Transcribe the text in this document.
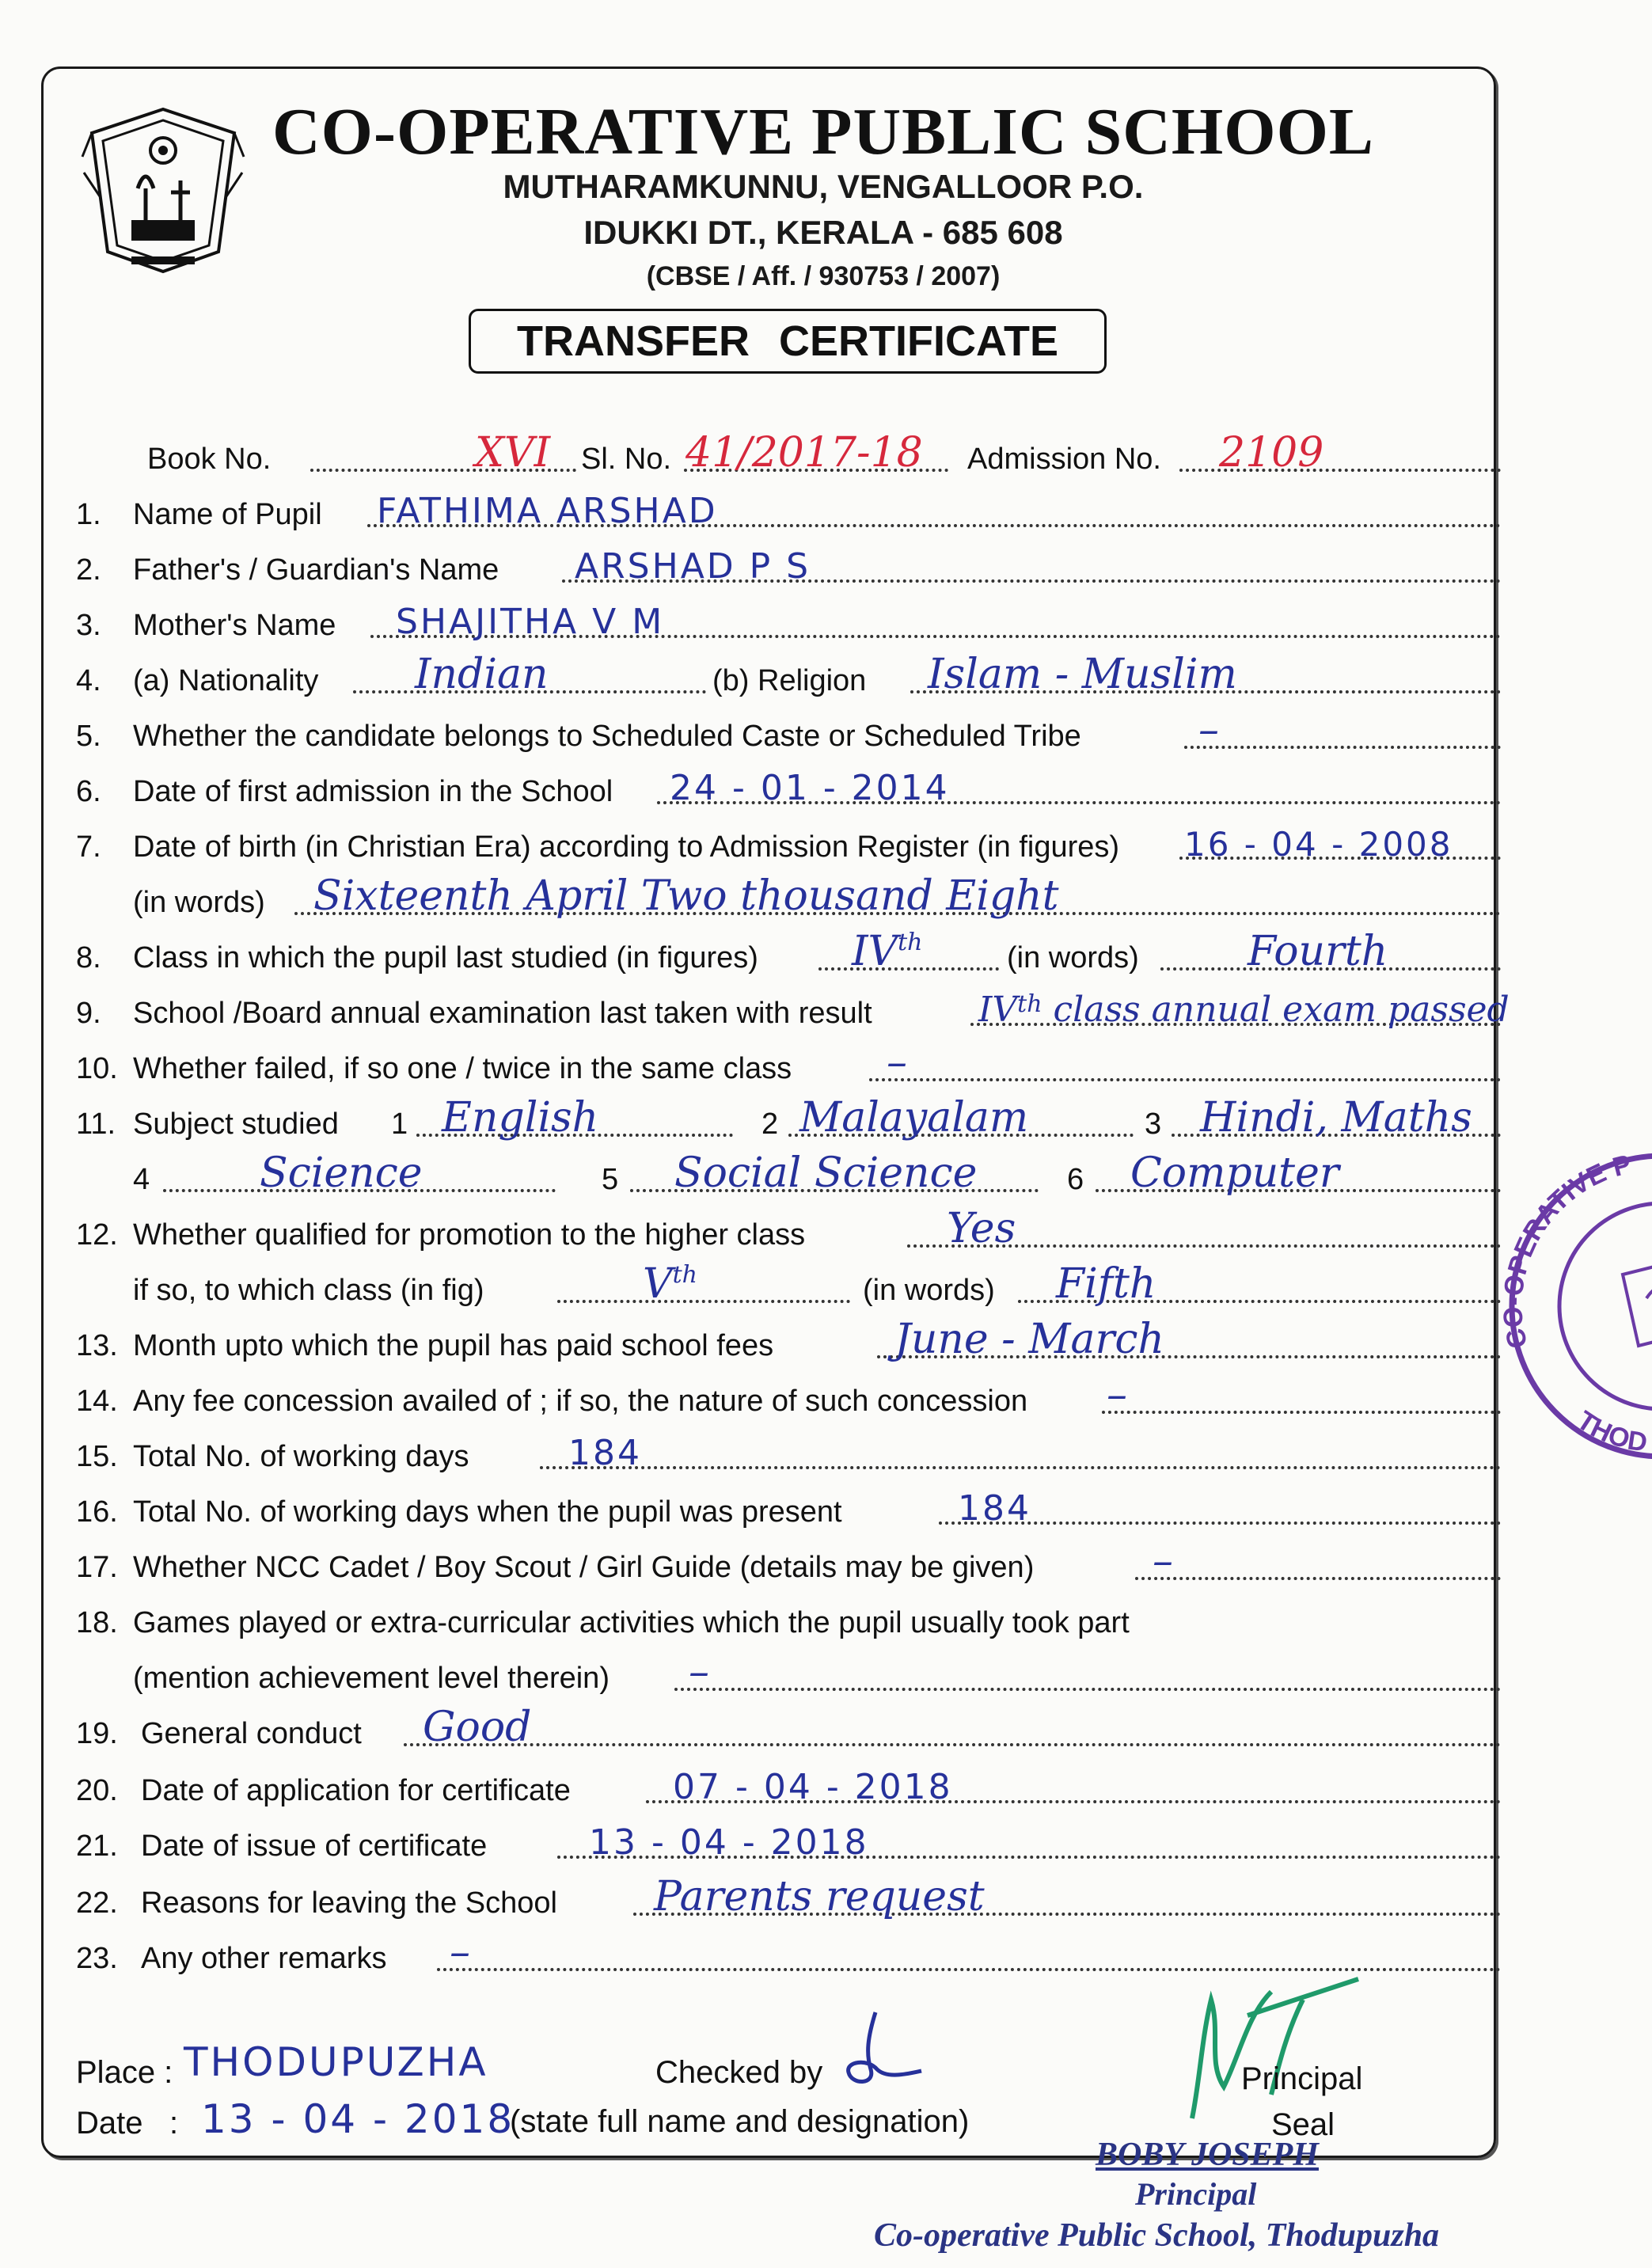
CO-OPERATIVE PUBLIC SCHOOL
MUTHARAMKUNNU, VENGALLOOR P.O.
IDUKKI DT., KERALA - 685 608
(CBSE / Aff. / 930753 / 2007)
TRANSFER CERTIFICATE
Book No.	XVI Sl. No. 41/2017-18 Admission No. 2109
1. Name of Pupil FATHIMA ARSHAD
2. Father's / Guardian's Name ARSHAD P S
3. Mother's Name SHAJITHA V M
4. (a) Nationality Indian	(b) Religion Islam - Muslim
5. Whether the candidate belongs to Scheduled Caste or Scheduled Tribe	–
6. Date of first admission in the School 24 - 01 - 2014
7. Date of birth (in Christian Era) according to Admission Register (in figures) 16 - 04 - 2008
(in words) Sixteenth April Two thousand Eight
8. Class in which the pupil last studied (in figures) IVth	(in words)	Fourth
9. School /Board annual examination last taken with result	IVth class annual exam passed
10. Whether failed, if so one / twice in the same class –
11. Subject studied 1 English	2 Malayalam	3 Hindi, Maths
4	Science	5 Social Science	6 Computer
12. Whether qualified for promotion to the higher class	Yes
if so, to which class (in fig)	Vth	(in words) Fifth
13. Month upto which the pupil has paid school fees	June - March
14. Any fee concession availed of ; if so, the nature of such concession –
15. Total No. of working days	184
16. Total No. of working days when the pupil was present	184
17. Whether NCC Cadet / Boy Scout / Girl Guide (details may be given)	–
18. Games played or extra-curricular activities which the pupil usually took part
(mention achievement level therein) –
19. General conduct Good
20. Date of application for certificate	07 - 04 - 2018
21. Date of issue of certificate	13 - 04 - 2018
22. Reasons for leaving the School Parents request
23. Any other remarks –
Place : THODUPUZHA
Date : 13 - 04 - 2018
Checked by
(state full name and designation)
Principal
Seal
BOBY JOSEPH
Principal
Co-operative Public School, Thodupuzha
CO-OPERATIVE P
THOD
